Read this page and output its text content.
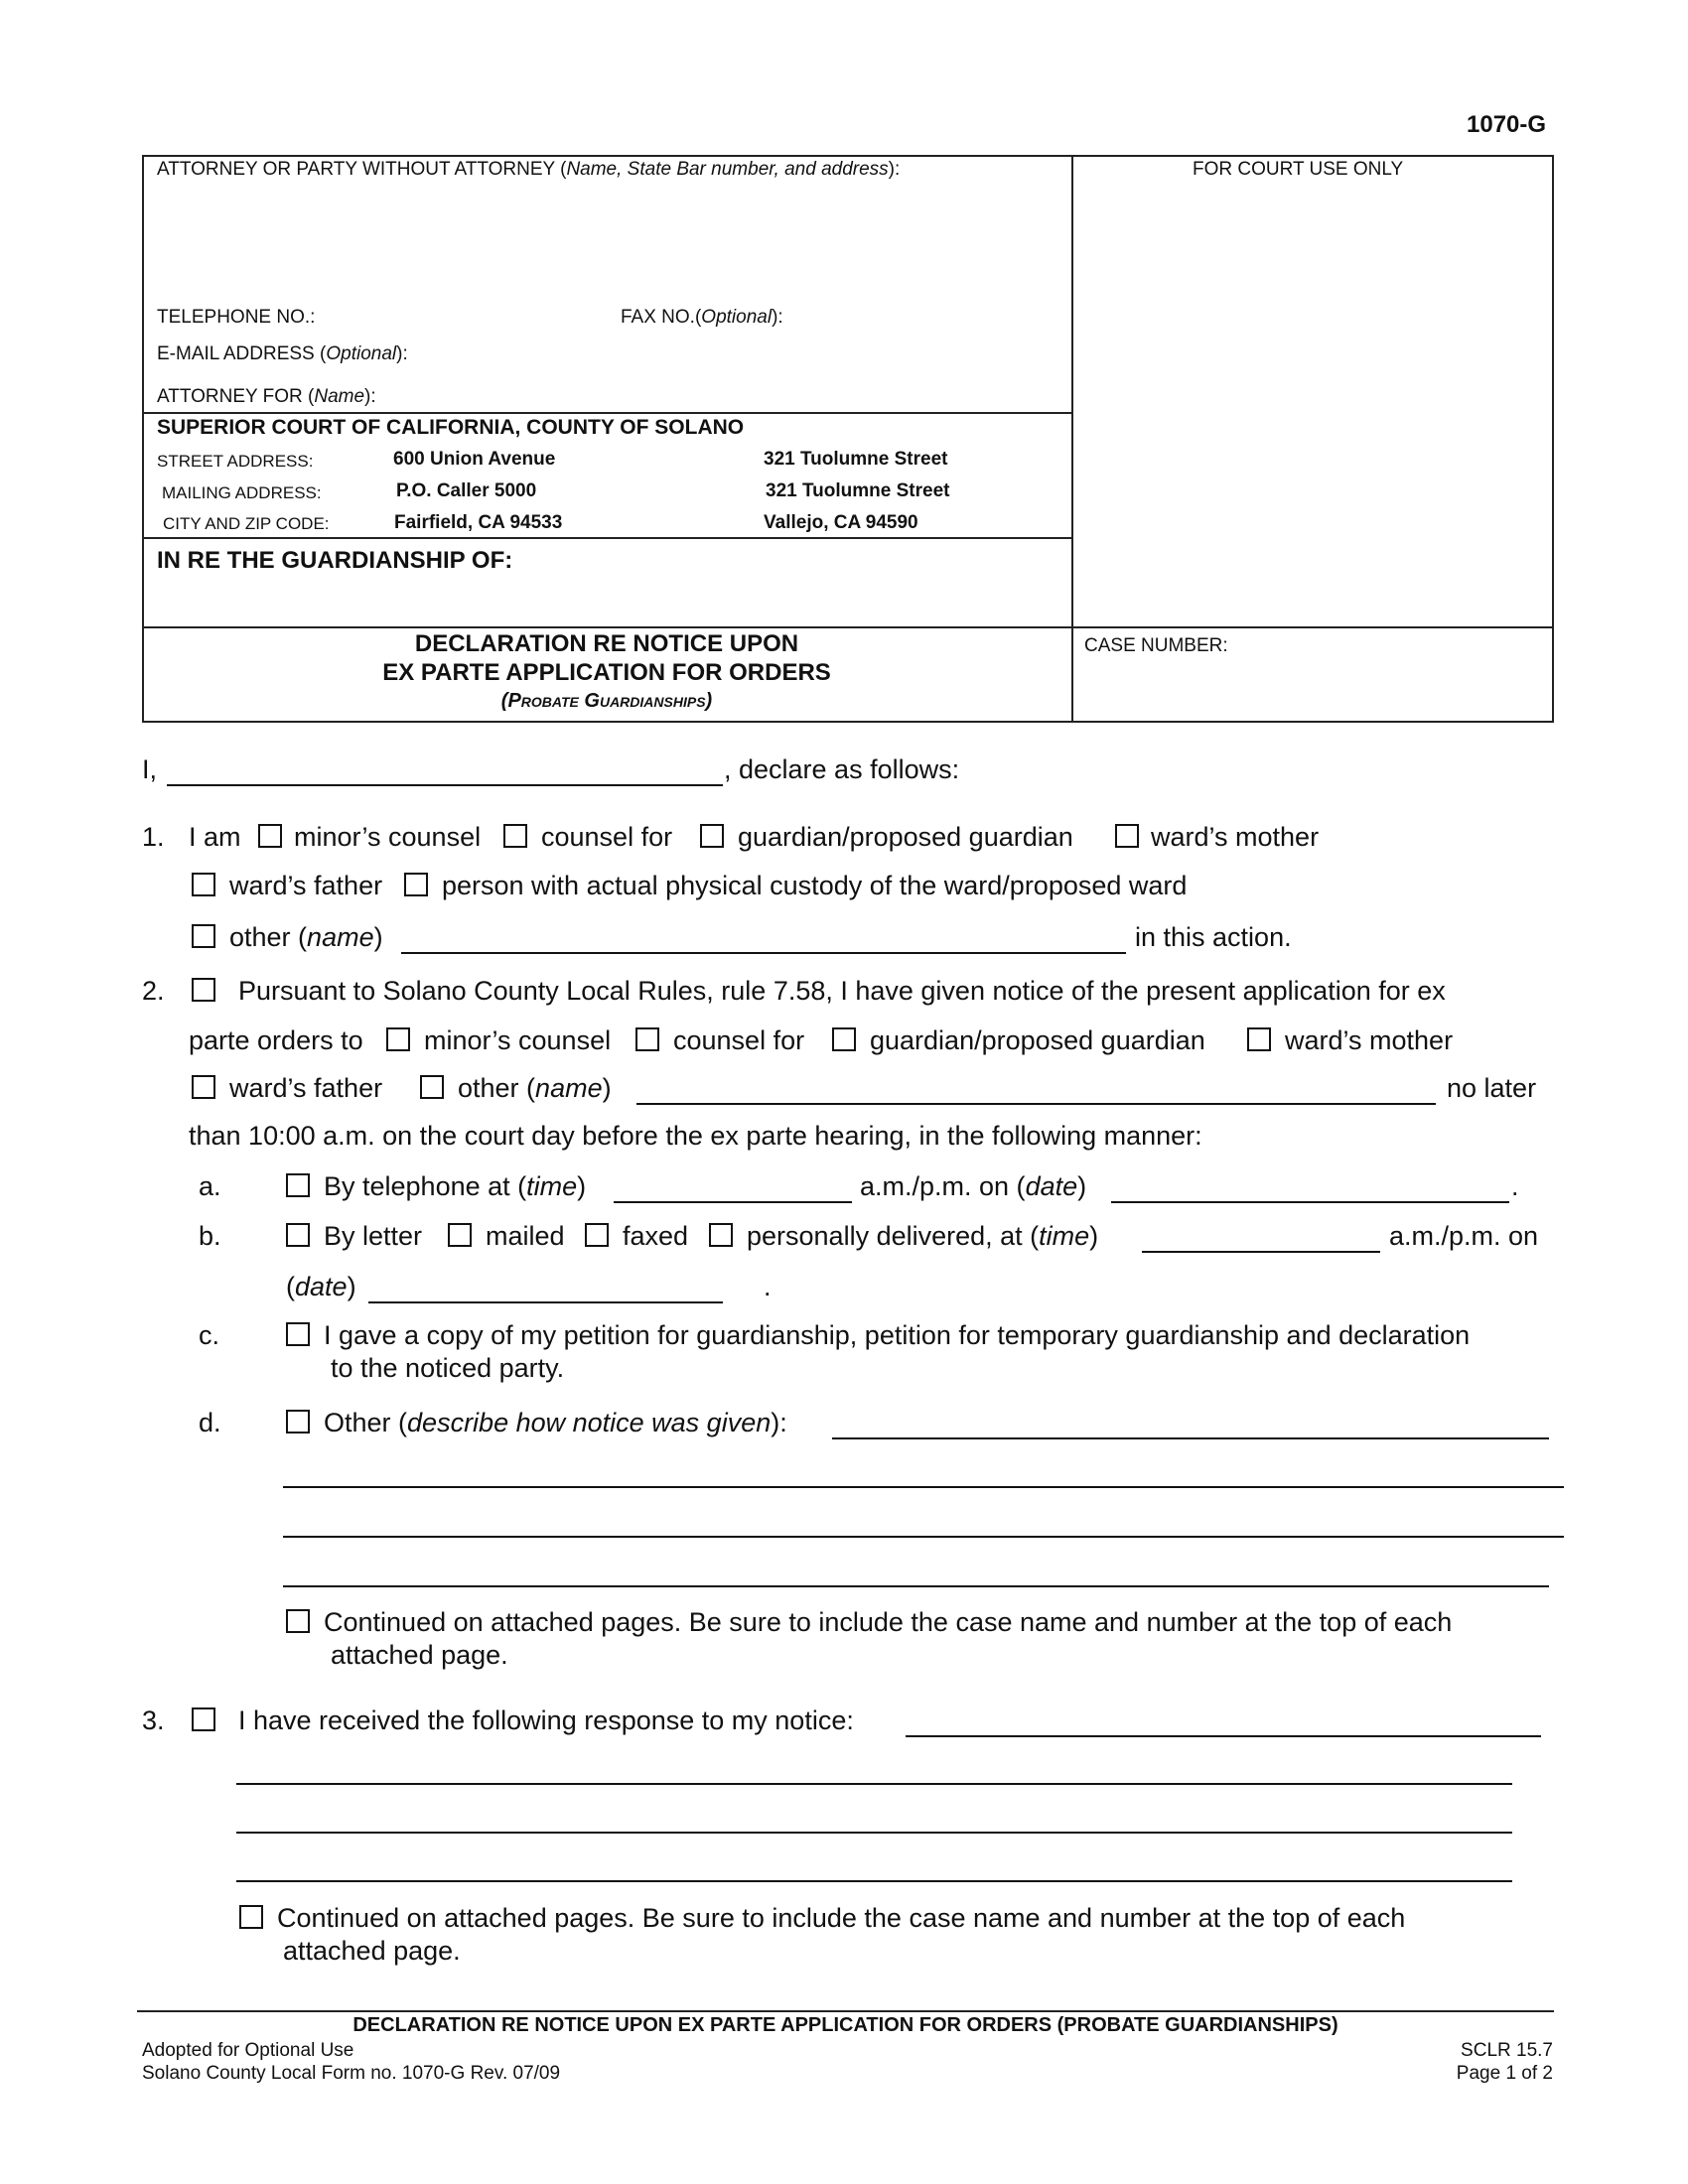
1070-G
ATTORNEY OR PARTY WITHOUT ATTORNEY (Name, State Bar number, and address):	FOR COURT USE ONLY
TELEPHONE NO.:	FAX NO.(Optional):
E-MAIL ADDRESS (Optional):
ATTORNEY FOR (Name):
SUPERIOR COURT OF CALIFORNIA, COUNTY OF SOLANO
STREET ADDRESS:	600 Union Avenue	321 Tuolumne Street
MAILING ADDRESS:	P.O. Caller 5000	321 Tuolumne Street
CITY AND ZIP CODE:	Fairfield, CA 94533	Vallejo, CA 94590
IN RE THE GUARDIANSHIP OF:
DECLARATION RE NOTICE UPON
EX PARTE APPLICATION FOR ORDERS
(Probate Guardianships)
CASE NUMBER:
I,	, declare as follows:
1. I am minor’s counsel counsel for guardian/proposed guardian	ward’s mother
ward’s father person with actual physical custody of the ward/proposed ward
other (name)	in this action.
2.	Pursuant to Solano County Local Rules, rule 7.58, I have given notice of the present application for ex
parte orders to minor’s counsel counsel for guardian/proposed guardian	ward’s mother
ward’s father	other (name)	no later
than 10:00 a.m. on the court day before the ex parte hearing, in the following manner:
a.	By telephone at (time)	a.m./p.m. on (date)	.
b.	By letter mailed faxed personally delivered, at (time)	a.m./p.m. on
(date)	.
c.	I gave a copy of my petition for guardianship, petition for temporary guardianship and declaration
to the noticed party.
d.	Other (describe how notice was given):
Continued on attached pages. Be sure to include the case name and number at the top of each
attached page.
3.	I have received the following response to my notice:
Continued on attached pages. Be sure to include the case name and number at the top of each
attached page.
DECLARATION RE NOTICE UPON EX PARTE APPLICATION FOR ORDERS (PROBATE GUARDIANSHIPS)
Adopted for Optional Use
Solano County Local Form no. 1070-G Rev. 07/09
SCLR 15.7
Page 1 of 2
